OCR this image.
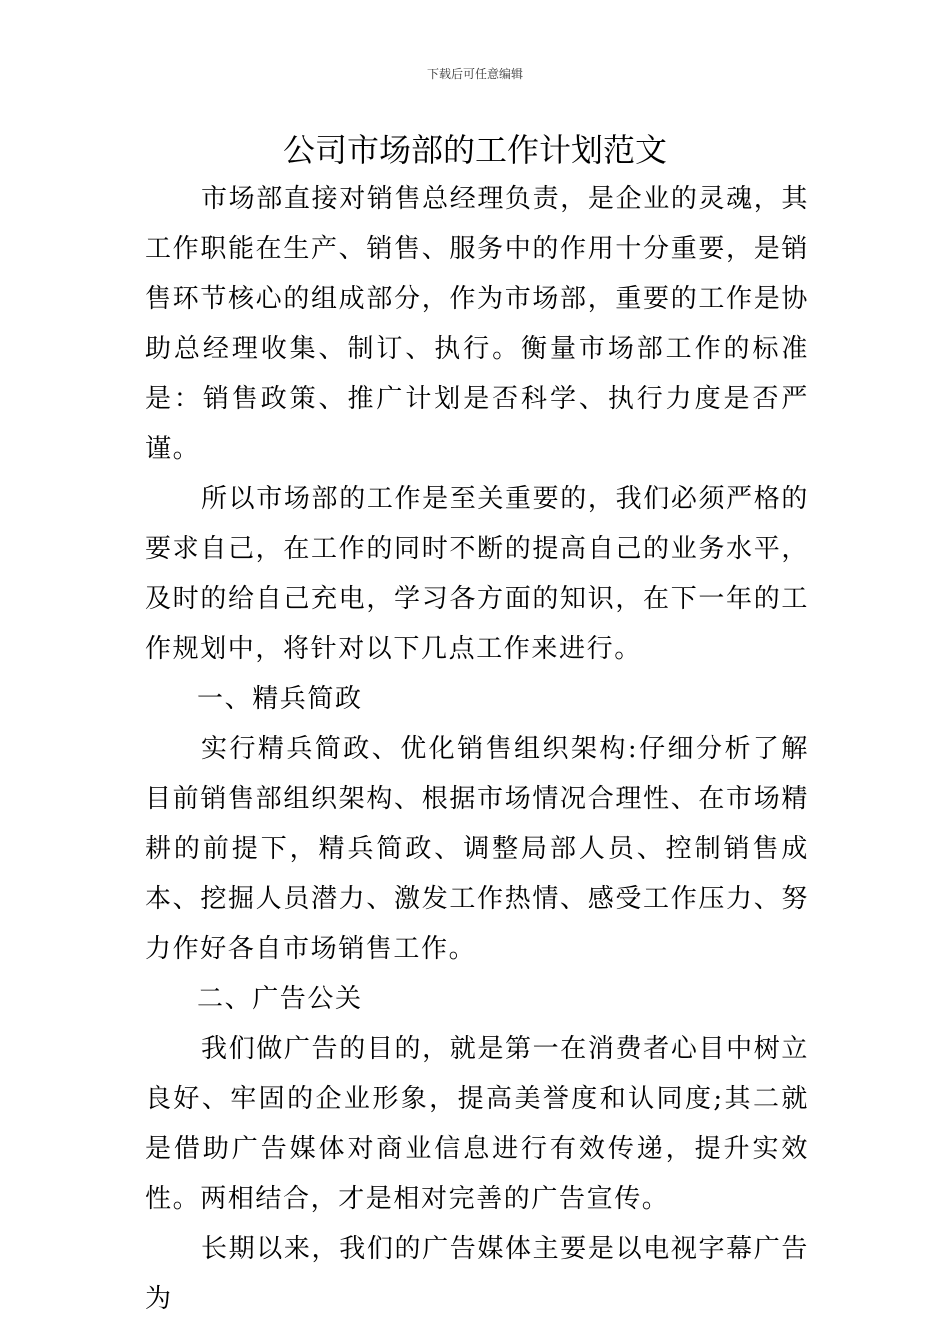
下载后可任意编辑
公司市场部的工作计划范文

市场部直接对销售总经理负责，是企业的灵魂，其工作职能在生产、销售、服务中的作用十分重要，是销售环节核心的组成部分，作为市场部，重要的工作是协助总经理收集、制订、执行。衡量市场部工作的标准是：销售政策、推广计划是否科学、执行力度是否严谨。

所以市场部的工作是至关重要的，我们必须严格的要求自己，在工作的同时不断的提高自己的业务水平，及时的给自己充电，学习各方面的知识，在下一年的工作规划中，将针对以下几点工作来进行。

一、精兵简政

实行精兵简政、优化销售组织架构:仔细分析了解目前销售部组织架构、根据市场情况合理性、在市场精耕的前提下，精兵简政、调整局部人员、控制销售成本、挖掘人员潜力、激发工作热情、感受工作压力、努力作好各自市场销售工作。

二、广告公关

我们做广告的目的，就是第一在消费者心目中树立良好、牢固的企业形象，提高美誉度和认同度;其二就是借助广告媒体对商业信息进行有效传递，提升实效性。两相结合，才是相对完善的广告宣传。

长期以来，我们的广告媒体主要是以电视字幕广告为
